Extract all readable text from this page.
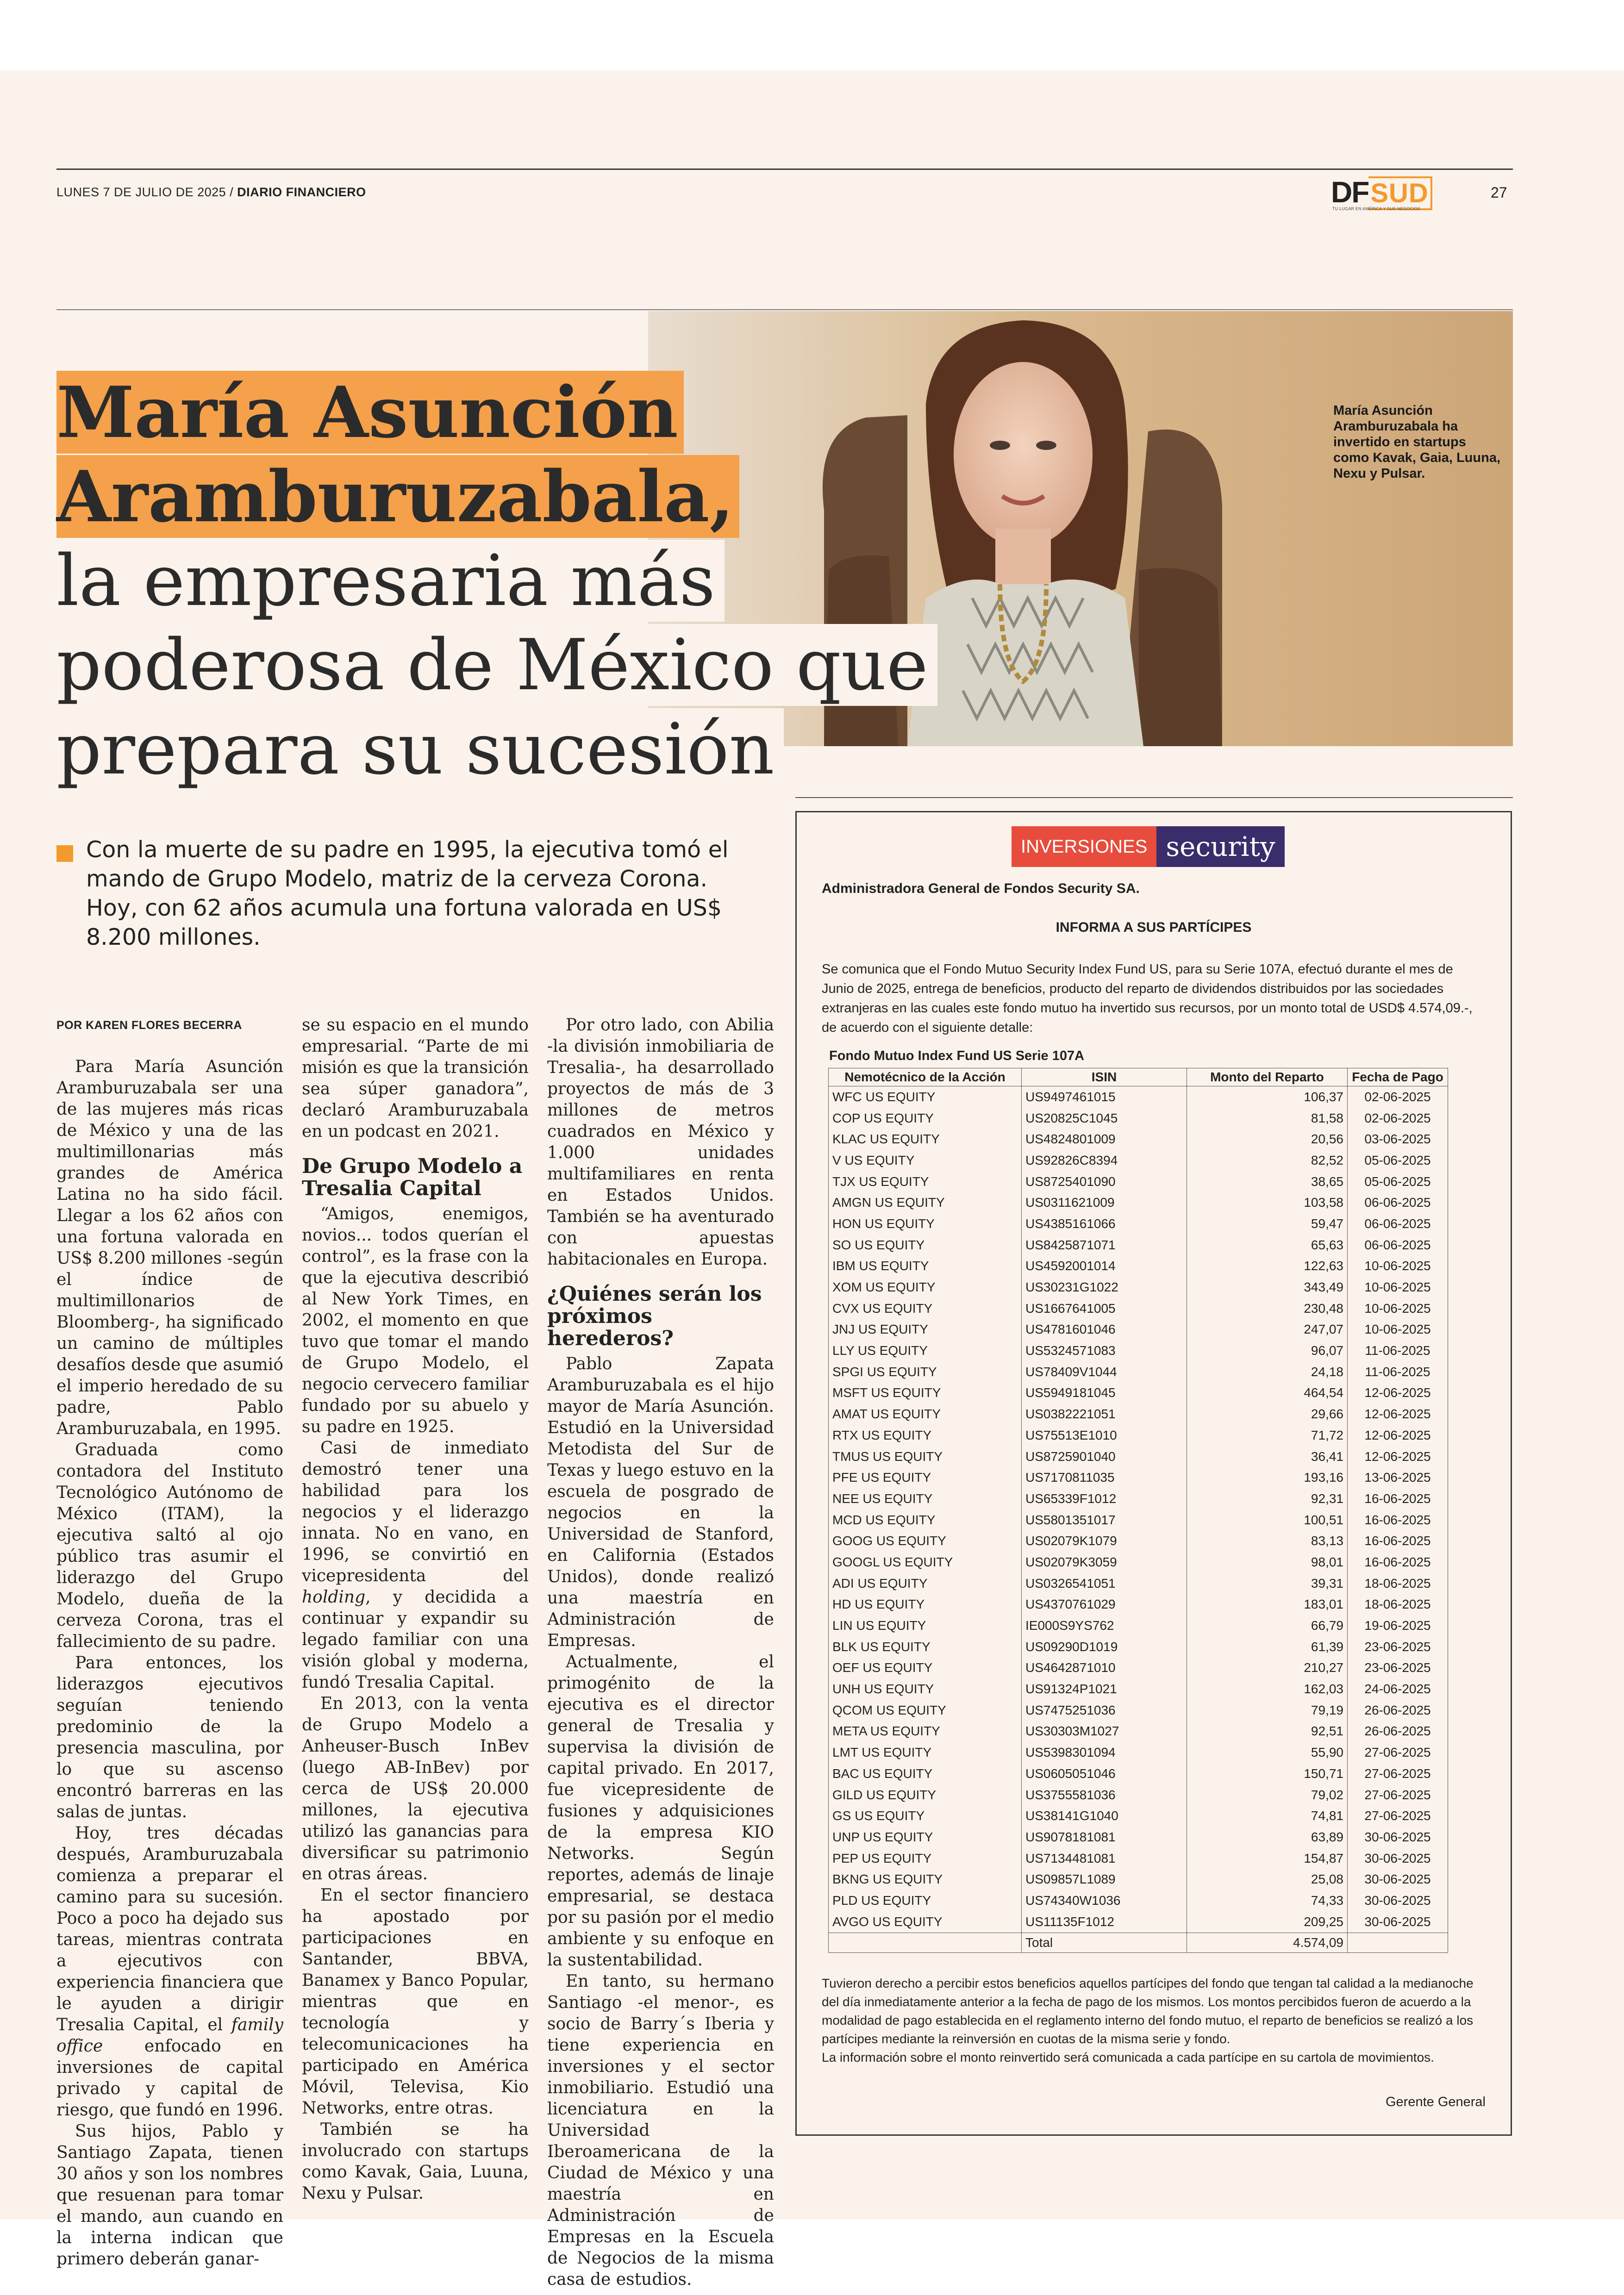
LUNES 7 DE JULIO DE 2025 / DIARIO FINANCIERO	DFSUD
TU LUGAR EN AMÉRICA Y SUS NEGOCIOS
27
María Asunción Aramburuzabala ha invertido en startups como Kavak, Gaia, Luuna, Nexu y Pulsar.
María Asunción
Aramburuzabala,
la empresaria más
poderosa de México que
prepara su sucesión
Con la muerte de su padre en 1995, la ejecutiva tomó el mando de Grupo Modelo, matriz de la cerveza Corona. Hoy, con 62 años acumula una fortuna valorada en US$ 8.200 millones.

POR KAREN FLORES BECERRA

Para María Asunción Aramburuzabala ser una de las mujeres más ricas de México y una de las multimillonarias más grandes de América Latina no ha sido fácil. Llegar a los 62 años con una fortuna valorada en US$ 8.200 millones -según el índice de multimillonarios de Bloomberg-, ha significado un camino de múltiples desafíos desde que asumió el imperio heredado de su padre, Pablo Aramburuzabala, en 1995.

Graduada como contadora del Instituto Tecnológico Autónomo de México (ITAM), la ejecutiva saltó al ojo público tras asumir el liderazgo del Grupo Modelo, dueña de la cerveza Corona, tras el fallecimiento de su padre.

Para entonces, los liderazgos ejecutivos seguían teniendo predominio de la presencia masculina, por lo que su ascenso encontró barreras en las salas de juntas.

Hoy, tres décadas después, Aramburuzabala comienza a preparar el camino para su sucesión. Poco a poco ha dejado sus tareas, mientras contrata a ejecutivos con experiencia financiera que le ayuden a dirigir Tresalia Capital, el family office enfocado en inversiones de capital privado y capital de riesgo, que fundó en 1996.

Sus hijos, Pablo y Santiago Zapata, tienen 30 años y son los nombres que resuenan para tomar el mando, aun cuando en la interna indican que primero deberán ganar-

se su espacio en el mundo empresarial. “Parte de mi misión es que la transición sea súper ganadora”, declaró Aramburuzabala en un podcast en 2021.

De Grupo Modelo a Tresalia Capital

“Amigos, enemigos, novios... todos querían el control”, es la frase con la que la ejecutiva describió al New York Times, en 2002, el momento en que tuvo que tomar el mando de Grupo Modelo, el negocio cervecero familiar fundado por su abuelo y su padre en 1925.

Casi de inmediato demostró tener una habilidad para los negocios y el liderazgo innata. No en vano, en 1996, se convirtió en vicepresidenta del holding, y decidida a continuar y expandir su legado familiar con una visión global y moderna, fundó Tresalia Capital.

En 2013, con la venta de Grupo Modelo a Anheuser-Busch InBev (luego AB-InBev) por cerca de US$ 20.000 millones, la ejecutiva utilizó las ganancias para diversificar su patrimonio en otras áreas.

En el sector financiero ha apostado por participaciones en Santander, BBVA, Banamex y Banco Popular, mientras que en tecnología y telecomunicaciones ha participado en América Móvil, Televisa, Kio Networks, entre otras.

También se ha involucrado con startups como Kavak, Gaia, Luuna, Nexu y Pulsar.

Por otro lado, con Abilia -la división inmobiliaria de Tresalia-, ha desarrollado proyectos de más de 3 millones de metros cuadrados en México y 1.000 unidades multifamiliares en renta en Estados Unidos. También se ha aventurado con apuestas habitacionales en Europa.

¿Quiénes serán los próximos herederos?

Pablo Zapata Aramburuzabala es el hijo mayor de María Asunción. Estudió en la Universidad Metodista del Sur de Texas y luego estuvo en la escuela de posgrado de negocios en la Universidad de Stanford, en California (Estados Unidos), donde realizó una maestría en Administración de Empresas.

Actualmente, el primogénito de la ejecutiva es el director general de Tresalia y supervisa la división de capital privado. En 2017, fue vicepresidente de fusiones y adquisiciones de la empresa KIO Networks. Según reportes, además de linaje empresarial, se destaca por su pasión por el medio ambiente y su enfoque en la sustentabilidad.

En tanto, su hermano Santiago -el menor-, es socio de Barry´s Iberia y tiene experiencia en inversiones y el sector inmobiliario. Estudió una licenciatura en la Universidad Iberoamericana de la Ciudad de México y una maestría en Administración de Empresas en la Escuela de Negocios de la misma casa de estudios.

INVERSIONES security
Administradora General de Fondos Security SA.
INFORMA A SUS PARTÍCIPES
Se comunica que el Fondo Mutuo Security Index Fund US, para su Serie 107A, efectuó durante el mes de Junio de 2025, entrega de beneficios, producto del reparto de dividendos distribuidos por las sociedades extranjeras en las cuales este fondo mutuo ha invertido sus recursos, por un monto total de USD$ 4.574,09.-, de acuerdo con el siguiente detalle:
Fondo Mutuo Index Fund US Serie 107A
Nemotécnico de la Acción	ISIN	Monto del Reparto	Fecha de Pago
WFC US EQUITY	US9497461015	106,37	02-06-2025
COP US EQUITY	US20825C1045	81,58	02-06-2025
KLAC US EQUITY	US4824801009	20,56	03-06-2025
V US EQUITY	US92826C8394	82,52	05-06-2025
TJX US EQUITY	US8725401090	38,65	05-06-2025
AMGN US EQUITY	US0311621009	103,58	06-06-2025
HON US EQUITY	US4385161066	59,47	06-06-2025
SO US EQUITY	US8425871071	65,63	06-06-2025
IBM US EQUITY	US4592001014	122,63	10-06-2025
XOM US EQUITY	US30231G1022	343,49	10-06-2025
CVX US EQUITY	US1667641005	230,48	10-06-2025
JNJ US EQUITY	US4781601046	247,07	10-06-2025
LLY US EQUITY	US5324571083	96,07	11-06-2025
SPGI US EQUITY	US78409V1044	24,18	11-06-2025
MSFT US EQUITY	US5949181045	464,54	12-06-2025
AMAT US EQUITY	US0382221051	29,66	12-06-2025
RTX US EQUITY	US75513E1010	71,72	12-06-2025
TMUS US EQUITY	US8725901040	36,41	12-06-2025
PFE US EQUITY	US7170811035	193,16	13-06-2025
NEE US EQUITY	US65339F1012	92,31	16-06-2025
MCD US EQUITY	US5801351017	100,51	16-06-2025
GOOG US EQUITY	US02079K1079	83,13	16-06-2025
GOOGL US EQUITY	US02079K3059	98,01	16-06-2025
ADI US EQUITY	US0326541051	39,31	18-06-2025
HD US EQUITY	US4370761029	183,01	18-06-2025
LIN US EQUITY	IE000S9YS762	66,79	19-06-2025
BLK US EQUITY	US09290D1019	61,39	23-06-2025
OEF US EQUITY	US4642871010	210,27	23-06-2025
UNH US EQUITY	US91324P1021	162,03	24-06-2025
QCOM US EQUITY	US7475251036	79,19	26-06-2025
META US EQUITY	US30303M1027	92,51	26-06-2025
LMT US EQUITY	US5398301094	55,90	27-06-2025
BAC US EQUITY	US0605051046	150,71	27-06-2025
GILD US EQUITY	US3755581036	79,02	27-06-2025
GS US EQUITY	US38141G1040	74,81	27-06-2025
UNP US EQUITY	US9078181081	63,89	30-06-2025
PEP US EQUITY	US7134481081	154,87	30-06-2025
BKNG US EQUITY	US09857L1089	25,08	30-06-2025
PLD US EQUITY	US74340W1036	74,33	30-06-2025
AVGO US EQUITY	US11135F1012	209,25	30-06-2025
	Total	4.574,09	
Tuvieron derecho a percibir estos beneficios aquellos partícipes del fondo que tengan tal calidad a la medianoche del día inmediatamente anterior a la fecha de pago de los mismos. Los montos percibidos fueron de acuerdo a la modalidad de pago establecida en el reglamento interno del fondo mutuo, el reparto de beneficios se realizó a los partícipes mediante la reinversión en cuotas de la misma serie y fondo.
La información sobre el monto reinvertido será comunicada a cada partícipe en su cartola de movimientos.
Gerente General
